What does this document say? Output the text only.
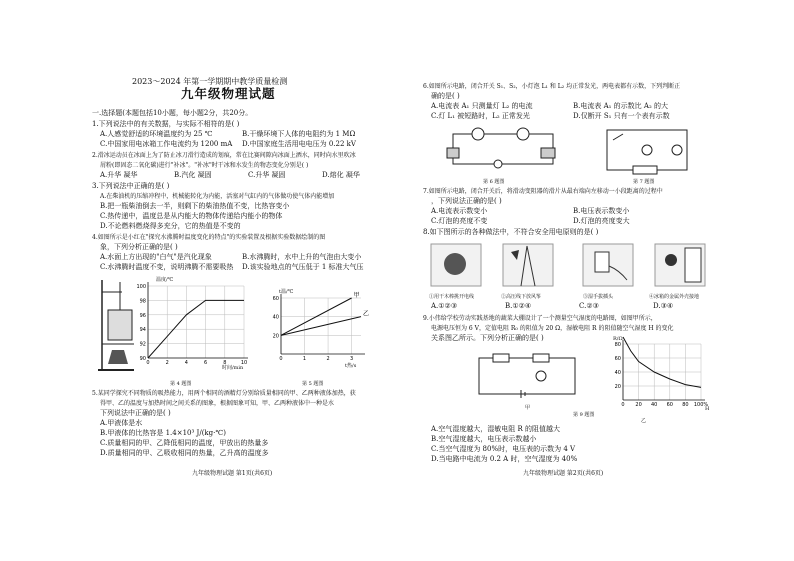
2023～2024 年第一学期期中教学质量检测
九年级物理试题
一.选择题(本题包括10小题，每小题2分，共20分。
1.下列说法中的有关数据，与实际不相符的是( )
A.人感觉舒适的环境温度约为 25 ℃	B.干燥环境下人体的电阻约为 1 MΩ
C.中国家用电冰箱工作电流约为 1200 mA D.中国家庭生活用电电压为 0.22 kV
2.滑冰运动员在冰面上为了防止冰刀滑行造成的划痕，常在比赛间隙向冰面上洒水，同时向水里吹冰
屑粉(即固态二氧化碳)进行"补冰"。"补冰"时干冰和水发生的物态变化分别是( )
A.升华 凝华	B.汽化 凝固	C.升华 凝固	D.熔化 凝华
3.下列说法中正确的是( )
A.在柴油机的压缩冲程中，机械能转化为内能，活塞对气缸内的气体做功使气体内能增加
B.把一瓶柴油倒去一半，则剩下的柴油热值不变，比热容变小
C.热传递中，温度总是从内能大的物体传递给内能小的物体
D.不论燃料燃烧得多充分，它的热值是不变的
4.如图所示是小红在"探究水沸腾时温度变化的特点"的实验装置及根据实验数据绘制的图
象，下列分析正确的是( )
A.水面上方出现的"白气"是汽化现象	B.水沸腾时，水中上升的气泡由大变小
C.水沸腾时温度不变，说明沸腾不需要吸热 D.该实验地点的气压低于 1 标准大气压
温度/℃
100
98
96
94
92
90
0	2	4	6	8	10
时间/min
第 4 题图
t温/℃
60
40
20
0	1	2	3
甲
乙
t热/s
第 5 题图
5.某同学探究不同物质的吸热能力，用两个相同的酒精灯分别给质量相同的甲、乙两种液体加热，获
得甲、乙的温度与加热时间之间关系的图象，根据图象可知，甲、乙两种液体中一种是水
下列说法中正确的是( )
A.甲液体是水
B.甲液体的比热容是 1.4×10³ J/(kg·℃)
C.质量相同的甲、乙降低相同的温度，甲放出的热量多
D.质量相同的甲、乙吸收相同的热量，乙升高的温度多
九年级物理试题 第1页(共6页)
6.如图所示电路，闭合开关 S₁、S₂，小灯泡 L₁ 和 L₂ 均正常发光，两电表都有示数，下列判断正
确的是( )
A.电流表 A₁ 只测量灯 L₂ 的电流	B.电流表 A₁ 的示数比 A₂ 的大
C.灯 L₁ 被短路时，L₂ 正常发光	D.仅断开 S₁ 只有一个表有示数
第 6 题图	第 7 题图
7.如图所示电路，闭合开关后，将滑动变阻器的滑片从最右端向左移动一小段距离的过程中
，下列说法正确的是( )
A.电流表示数变小	B.电压表示数变小
C.灯泡的亮度不变	D.灯泡的亮度变大
8.如下图所示的各种做法中，不符合安全用电原则的是( )
①用干木棒挑开电线	②高压线下放风筝	③湿手拔插头	④冰箱的金属外壳接地
A.①②③	B.①②④	C.②③	D.③④
9.小伟给学校劳动实践基地的蔬菜大棚设计了一个测量空气湿度的电路图，如图甲所示，
电源电压恒为 6 V，定值电阻 R₀ 的阻值为 20 Ω，湿敏电阻 R 的阻值随空气湿度 H 的变化
关系图乙所示。下列分析正确的是( )
甲
R/Ω
80
60
40
20
0 20 40 60 80 100%
H
乙
第 9 题图
A.空气湿度越大，湿敏电阻 R 的阻值越大
B.空气湿度越大，电压表示数越小
C.当空气湿度为 80%时，电压表的示数为 4 V
D.当电路中电流为 0.2 A 时，空气湿度为 40%
九年级物理试题 第2页(共6页)
